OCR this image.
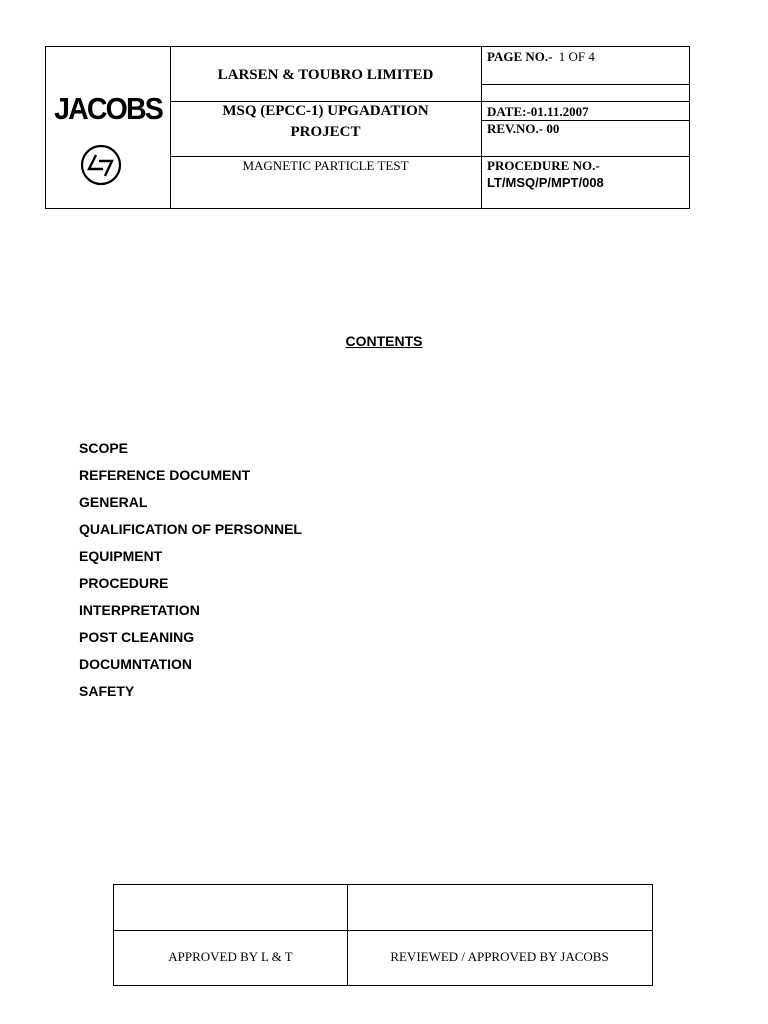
JACOBS
LARSEN & TOUBRO LIMITED
MSQ (EPCC-1) UPGADATION
PROJECT
MAGNETIC PARTICLE TEST
PAGE NO.- 1 OF 4
DATE:-01.11.2007
REV.NO.- 00
PROCEDURE NO.-
LT/MSQ/P/MPT/008
CONTENTS
SCOPE
REFERENCE DOCUMENT
GENERAL
QUALIFICATION OF PERSONNEL
EQUIPMENT
PROCEDURE
INTERPRETATION
POST CLEANING
DOCUMNTATION
SAFETY
APPROVED BY L & T	REVIEWED / APPROVED BY JACOBS
